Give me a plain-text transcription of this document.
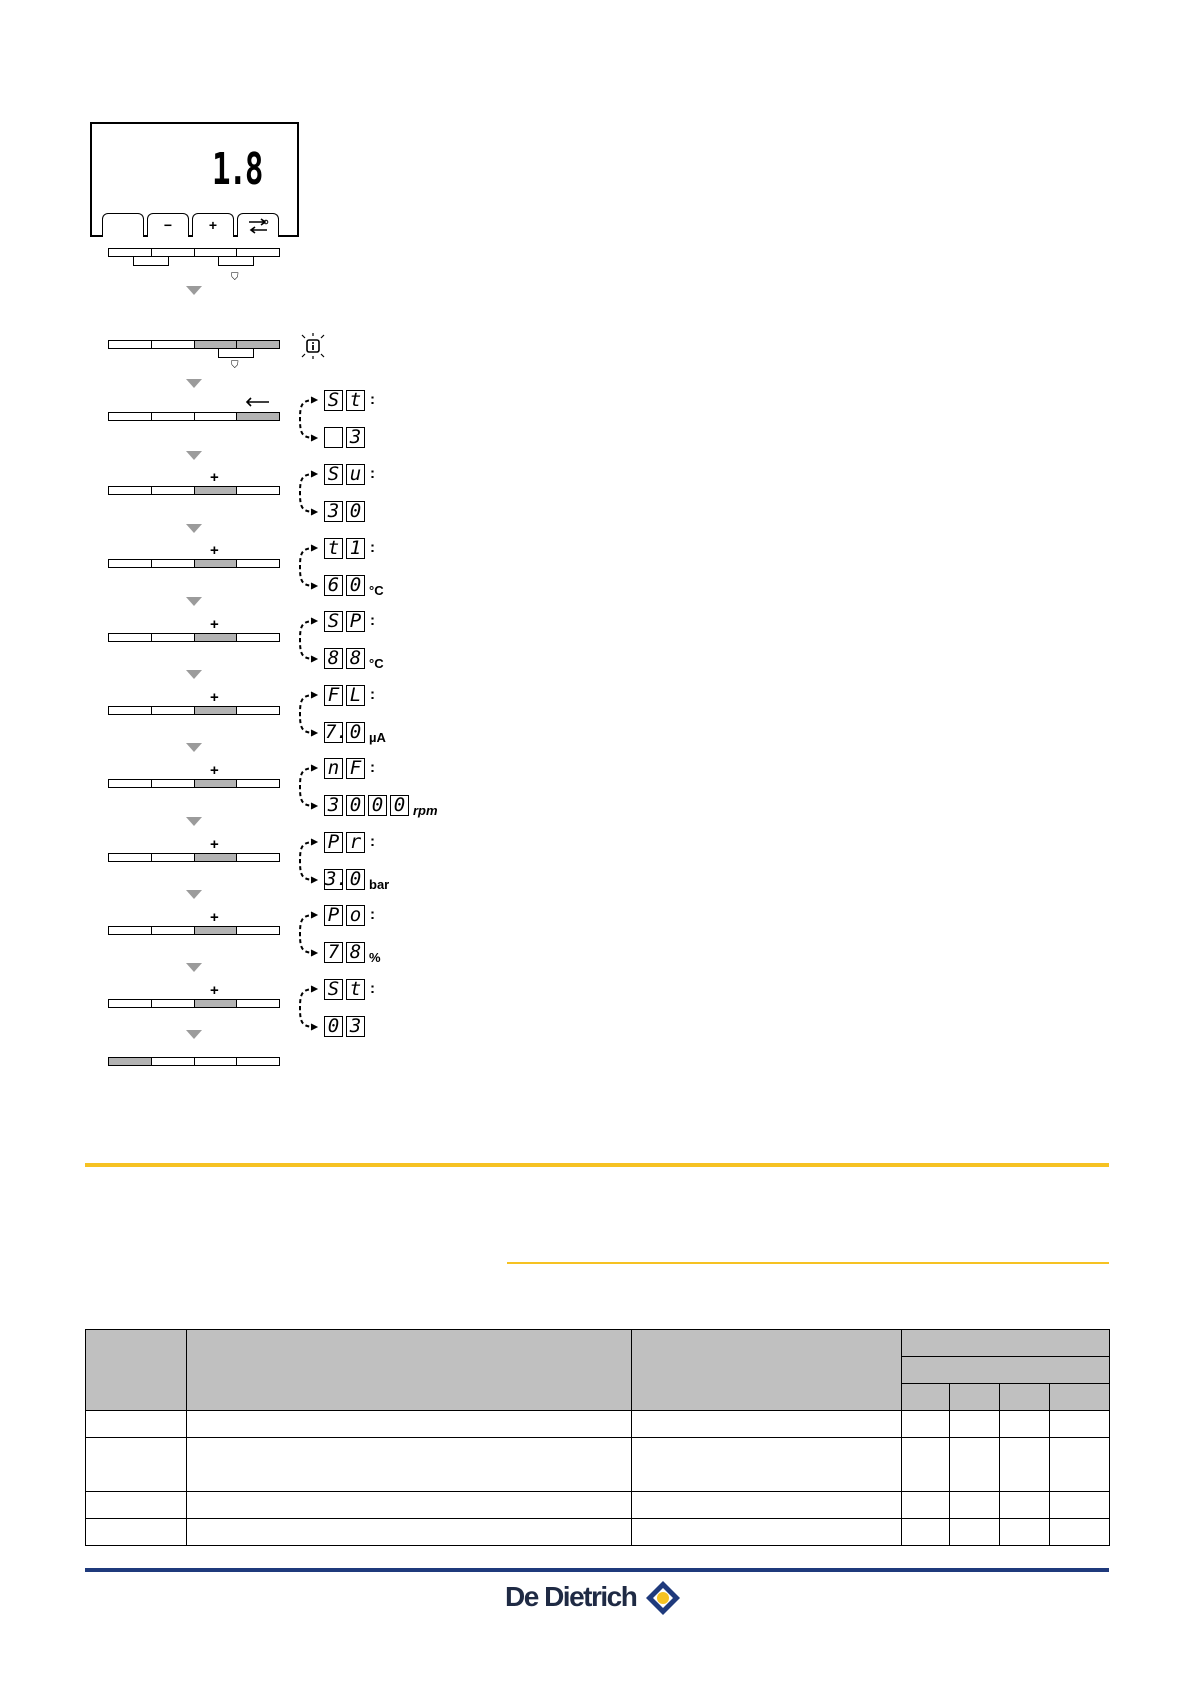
1.8
−	+
⛉
⛉
+
+
+
+
+
+
+
+
S t :
3
S u :
3 0
t 1 :
6 0 °C
S P :
8 8 °C
F L :
7. 0 µA
n F :
3 0 0 0 rpm
P r :
3. 0 bar
P o :
7 8 %
S t :
0 3

De Dietrich
